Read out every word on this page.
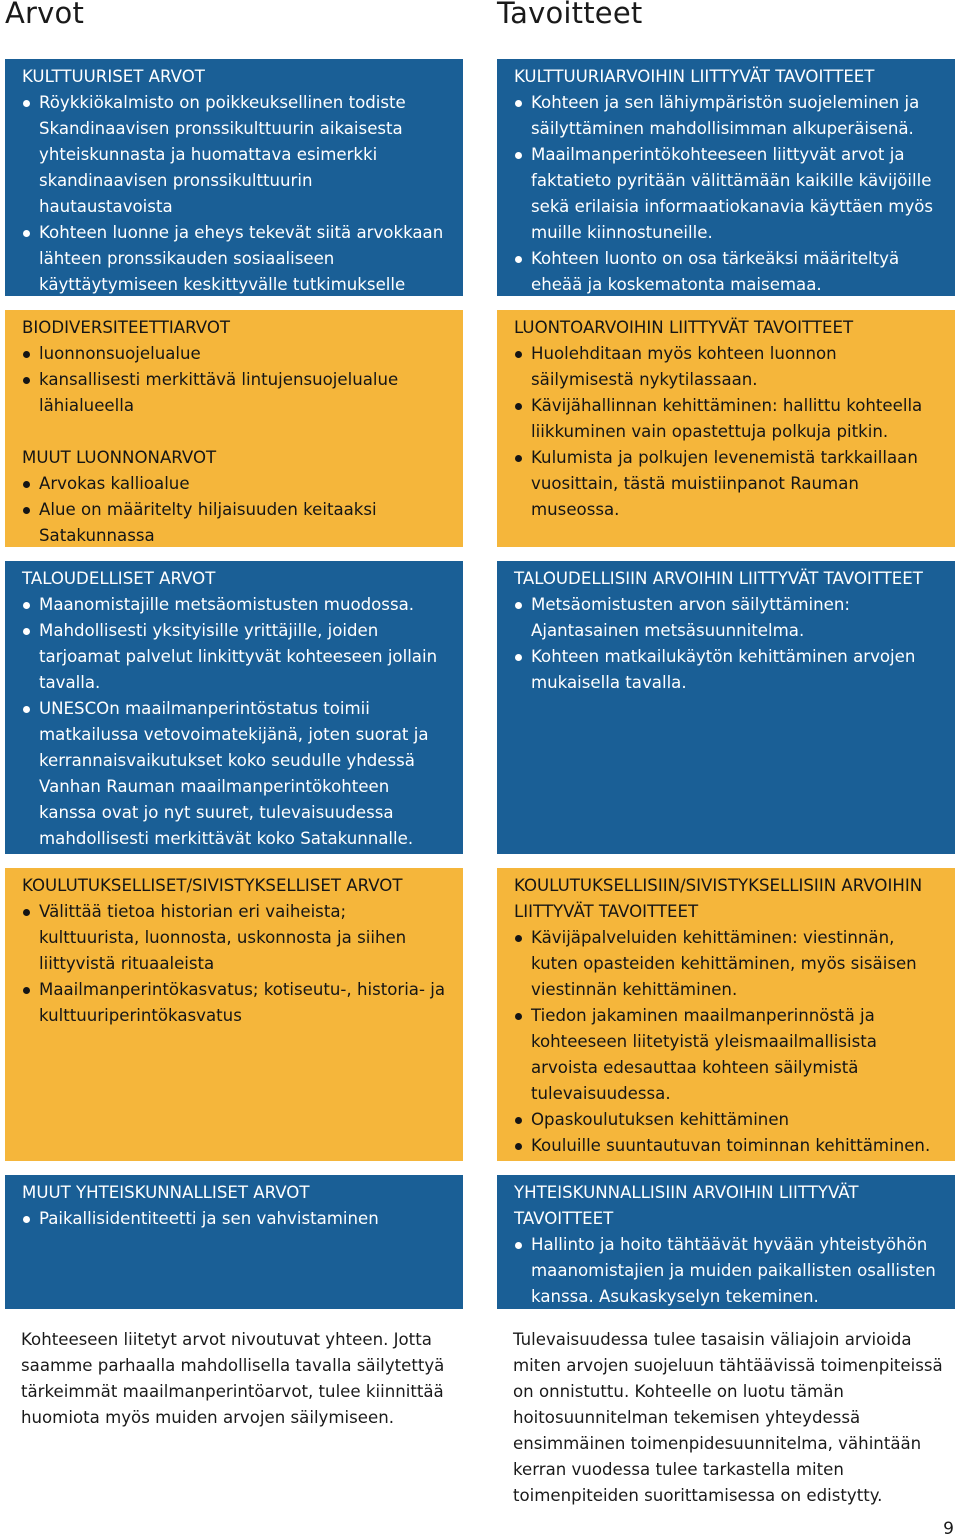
Arvot	Tavoitteet
KULTTUURISET ARVOT
Röykkiökalmisto on poikkeuksellinen todiste Skandinaavisen pronssikulttuurin aikaisesta yhteiskunnasta ja huomattava esimerkki skandinaavisen pronssikulttuurin hautaustavoista
Kohteen luonne ja eheys tekevät siitä arvokkaan lähteen pronssikauden sosiaaliseen käyttäytymiseen keskittyvälle tutkimukselle
BIODIVERSITEETTIARVOT
luonnonsuojelualue
kansallisesti merkittävä lintujensuojelualue lähialueella
MUUT LUONNONARVOT
Arvokas kallioalue
Alue on määritelty hiljaisuuden keitaaksi Satakunnassa
TALOUDELLISET ARVOT
Maanomistajille metsäomistusten muodossa.
Mahdollisesti yksityisille yrittäjille, joiden tarjoamat palvelut linkittyvät kohteeseen jollain tavalla.
UNESCOn maailmanperintöstatus toimii matkailussa vetovoimatekijänä, joten suorat ja kerrannaisvaikutukset koko seudulle yhdessä Vanhan Rauman maailmanperintökohteen kanssa ovat jo nyt suuret, tulevaisuudessa mahdollisesti merkittävät koko Satakunnalle.
KOULUTUKSELLISET/SIVISTYKSELLISET ARVOT
Välittää tietoa historian eri vaiheista; kulttuurista, luonnosta, uskonnosta ja siihen liittyvistä rituaaleista
Maailmanperintökasvatus; kotiseutu-, historia- ja kulttuuriperintökasvatus
MUUT YHTEISKUNNALLISET ARVOT
Paikallisidentiteetti ja sen vahvistaminen
KULTTUURIARVOIHIN LIITTYVÄT TAVOITTEET
Kohteen ja sen lähiympäristön suojeleminen ja säilyttäminen mahdollisimman alkuperäisenä.
Maailmanperintökohteeseen liittyvät arvot ja faktatieto pyritään välittämään kaikille kävijöille sekä erilaisia informaatiokanavia käyttäen myös muille kiinnostuneille.
Kohteen luonto on osa tärkeäksi määriteltyä eheää ja koskematonta maisemaa.
LUONTOARVOIHIN LIITTYVÄT TAVOITTEET
Huolehditaan myös kohteen luonnon säilymisestä nykytilassaan.
Kävijähallinnan kehittäminen: hallittu kohteella liikkuminen vain opastettuja polkuja pitkin.
Kulumista ja polkujen levenemistä tarkkaillaan vuosittain, tästä muistiinpanot Rauman museossa.
TALOUDELLISIIN ARVOIHIN LIITTYVÄT TAVOITTEET
Metsäomistusten arvon säilyttäminen: Ajantasainen metsäsuunnitelma.
Kohteen matkailukäytön kehittäminen arvojen mukaisella tavalla.
KOULUTUKSELLISIIN/SIVISTYKSELLISIIN ARVOIHIN LIITTYVÄT TAVOITTEET
Kävijäpalveluiden kehittäminen: viestinnän, kuten opasteiden kehittäminen, myös sisäisen viestinnän kehittäminen.
Tiedon jakaminen maailmanperinnöstä ja kohteeseen liitetyistä yleismaailmallisista arvoista edesauttaa kohteen säilymistä tulevaisuudessa.
Opaskoulutuksen kehittäminen
Kouluille suuntautuvan toiminnan kehittäminen.
YHTEISKUNNALLISIIN ARVOIHIN LIITTYVÄT TAVOITTEET
Hallinto ja hoito tähtäävät hyvään yhteistyöhön maanomistajien ja muiden paikallisten osallisten kanssa. Asukaskyselyn tekeminen.

Kohteeseen liitetyt arvot nivoutuvat yhteen. Jotta saamme parhaalla mahdollisella tavalla säilytettyä tärkeimmät maailmanperintöarvot, tulee kiinnittää huomiota myös muiden arvojen säilymiseen.

Tulevaisuudessa tulee tasaisin väliajoin arvioida miten arvojen suojeluun tähtäävissä toimenpiteissä on onnistuttu. Kohteelle on luotu tämän hoitosuunnitelman tekemisen yhteydessä ensimmäinen toimenpidesuunnitelma, vähintään kerran vuodessa tulee tarkastella miten toimenpiteiden suorittamisessa on edistytty.

9
